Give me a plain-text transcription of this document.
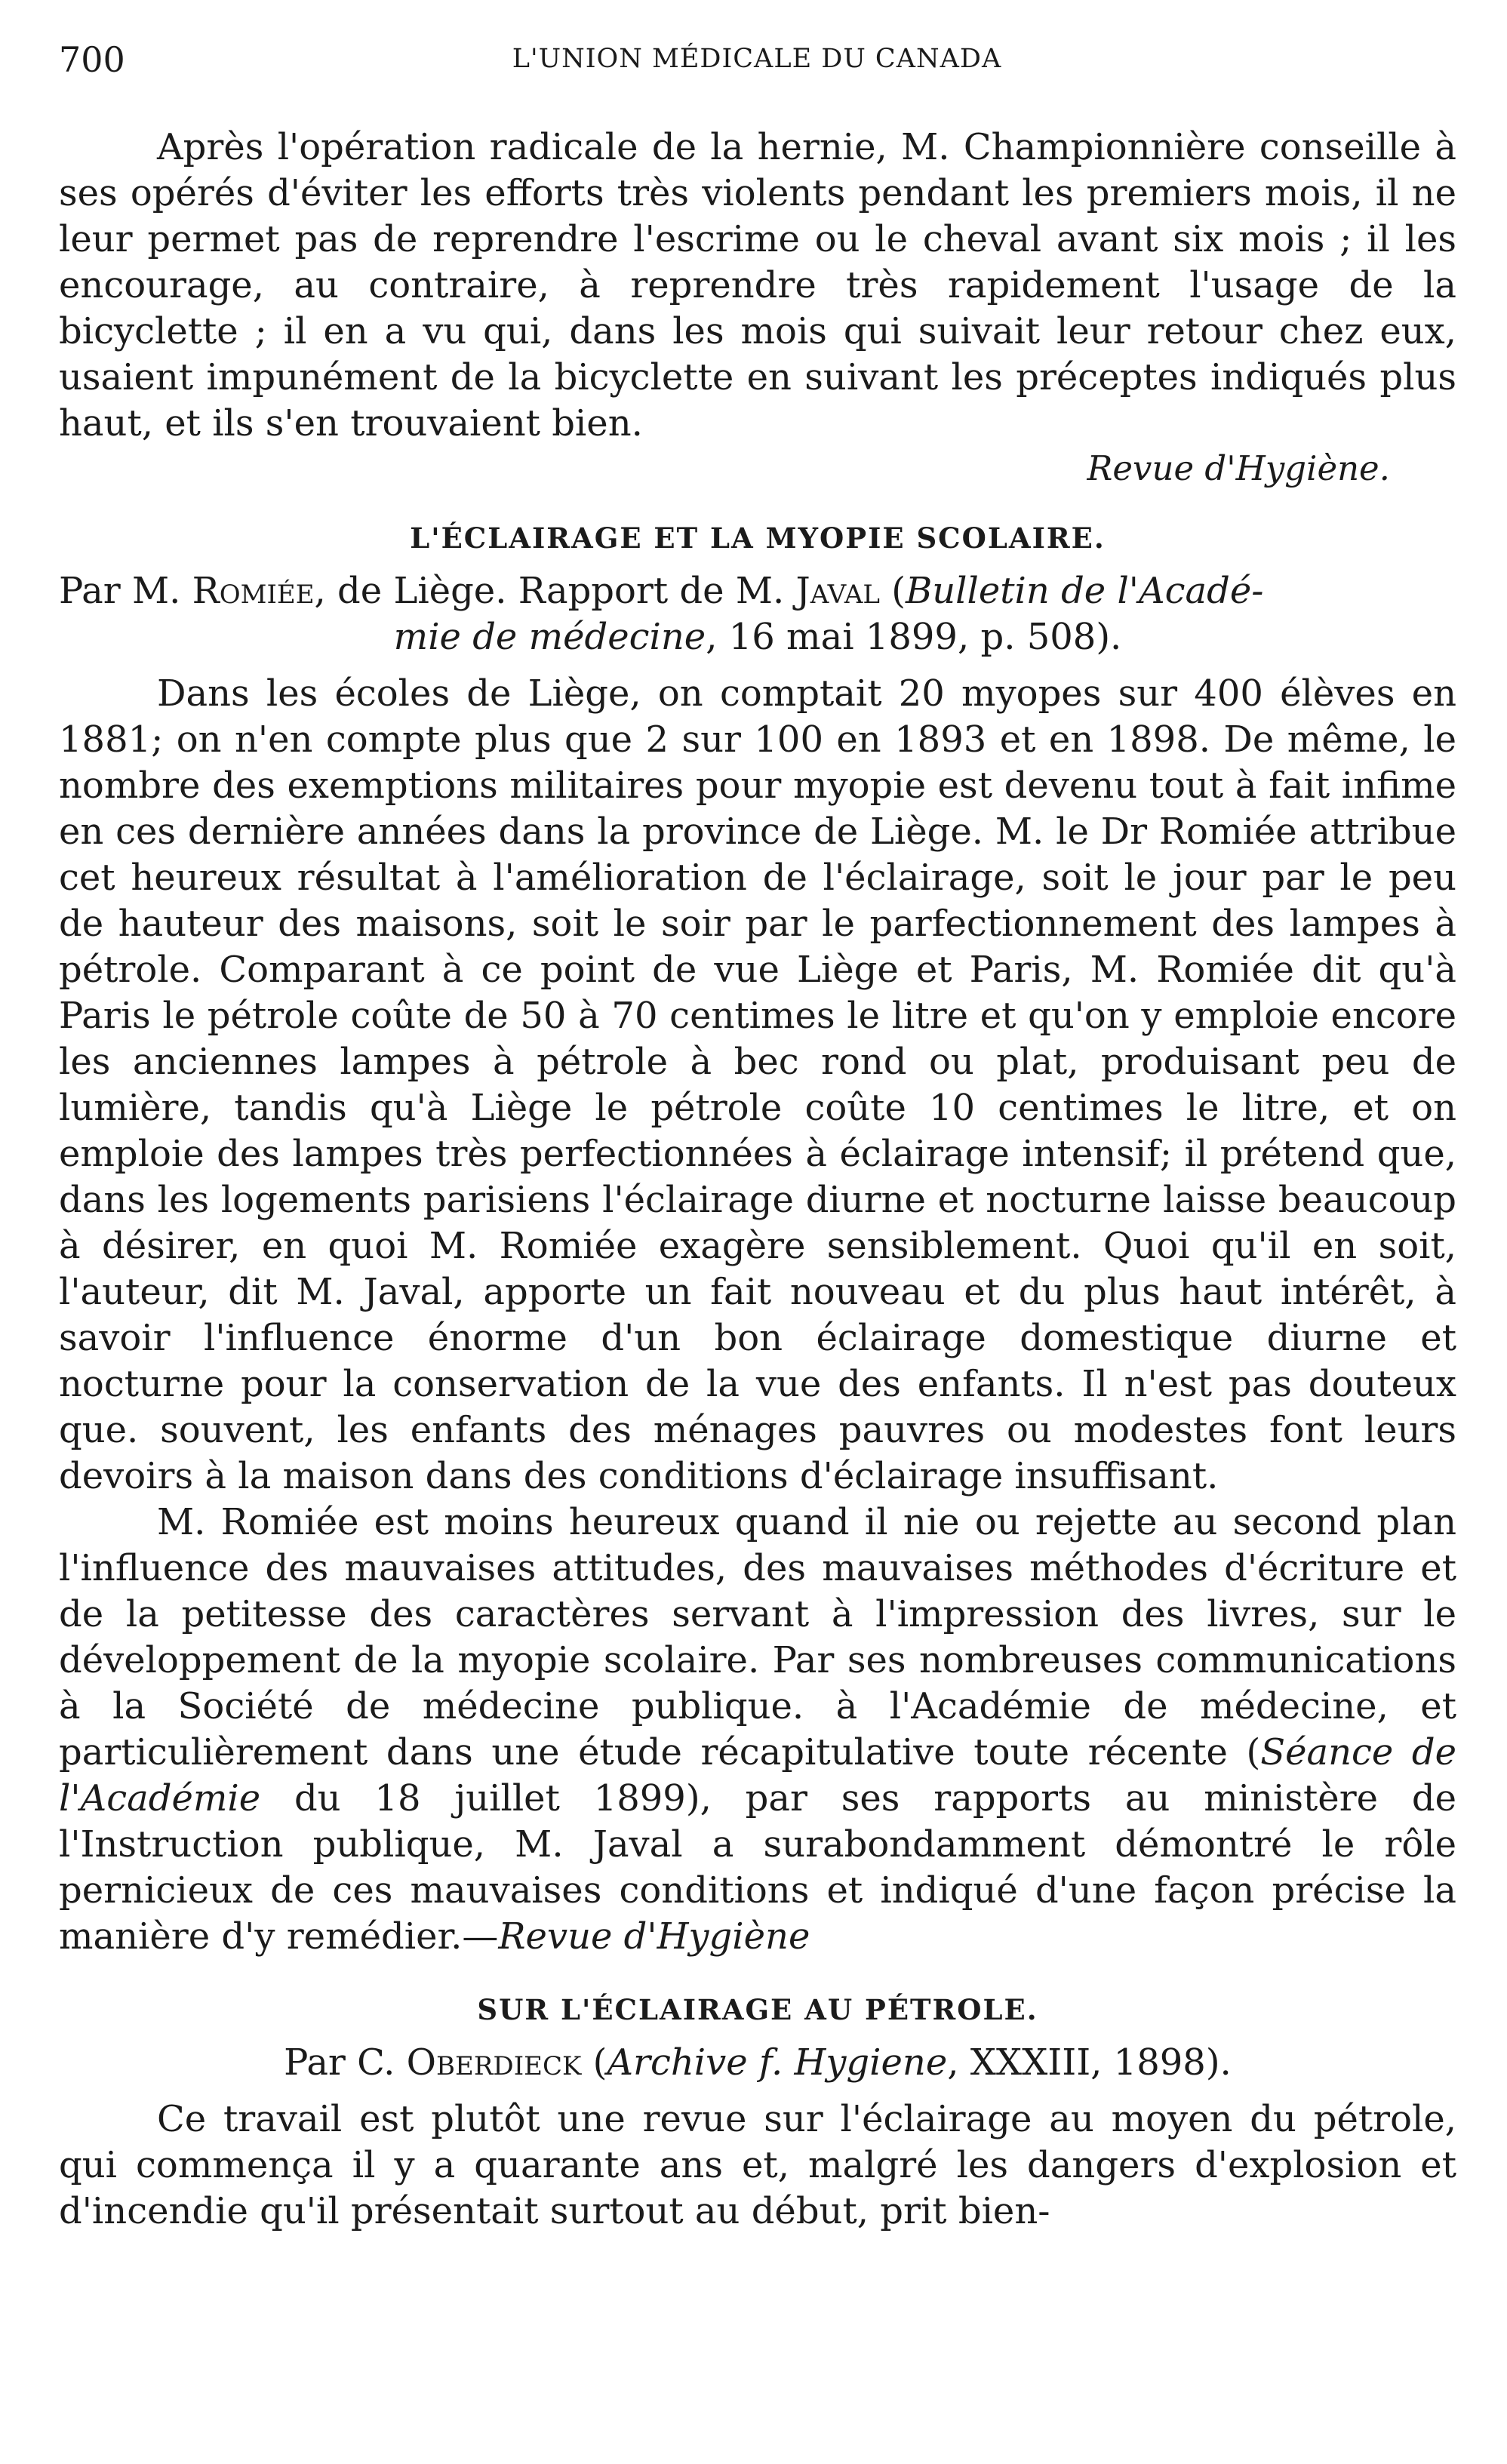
700	L'UNION MÉDICALE DU CANADA

Après l'opération radicale de la hernie, M. Championnière conseille à ses opérés d'éviter les efforts très violents pendant les premiers mois, il ne leur permet pas de reprendre l'escrime ou le cheval avant six mois ; il les encourage, au contraire, à reprendre très rapidement l'usage de la bicyclette ; il en a vu qui, dans les mois qui suivait leur retour chez eux, usaient impunément de la bicyclette en suivant les préceptes indiqués plus haut, et ils s'en trouvaient bien.

Revue d'Hygiène.
L'ÉCLAIRAGE ET LA MYOPIE SCOLAIRE.
Par M. Romiée, de Liège. Rapport de M. Javal (Bulletin de l'Acadé-
mie de médecine, 16 mai 1899, p. 508).

Dans les écoles de Liège, on comptait 20 myopes sur 400 élèves en 1881; on n'en compte plus que 2 sur 100 en 1893 et en 1898. De même, le nombre des exemptions militaires pour myopie est devenu tout à fait infime en ces dernière années dans la province de Liège. M. le Dr Romiée attribue cet heureux résultat à l'amélioration de l'éclairage, soit le jour par le peu de hauteur des maisons, soit le soir par le parfectionnement des lampes à pétrole. Comparant à ce point de vue Liège et Paris, M. Romiée dit qu'à Paris le pétrole coûte de 50 à 70 centimes le litre et qu'on y emploie encore les anciennes lampes à pétrole à bec rond ou plat, produisant peu de lumière, tandis qu'à Liège le pétrole coûte 10 centimes le litre, et on emploie des lampes très perfectionnées à éclairage intensif; il prétend que, dans les logements parisiens l'éclairage diurne et nocturne laisse beaucoup à désirer, en quoi M. Romiée exagère sensiblement. Quoi qu'il en soit, l'auteur, dit M. Javal, apporte un fait nouveau et du plus haut intérêt, à savoir l'influence énorme d'un bon éclairage domestique diurne et nocturne pour la conservation de la vue des enfants. Il n'est pas douteux que. souvent, les enfants des ménages pauvres ou modestes font leurs devoirs à la maison dans des conditions d'éclairage insuffisant.

M. Romiée est moins heureux quand il nie ou rejette au second plan l'influence des mauvaises attitudes, des mauvaises méthodes d'écriture et de la petitesse des caractères servant à l'impression des livres, sur le développement de la myopie scolaire. Par ses nombreuses communications à la Société de médecine publique. à l'Académie de médecine, et particulièrement dans une étude récapitulative toute récente (Séance de l'Académie du 18 juillet 1899), par ses rapports au ministère de l'Instruction publique, M. Javal a surabondamment démontré le rôle pernicieux de ces mauvaises conditions et indiqué d'une façon précise la manière d'y remédier.—Revue d'Hygiène

SUR L'ÉCLAIRAGE AU PÉTROLE.
Par C. Oberdieck (Archive f. Hygiene, XXXIII, 1898).

Ce travail est plutôt une revue sur l'éclairage au moyen du pétrole, qui commença il y a quarante ans et, malgré les dangers d'explosion et d'incendie qu'il présentait surtout au début, prit bien-
